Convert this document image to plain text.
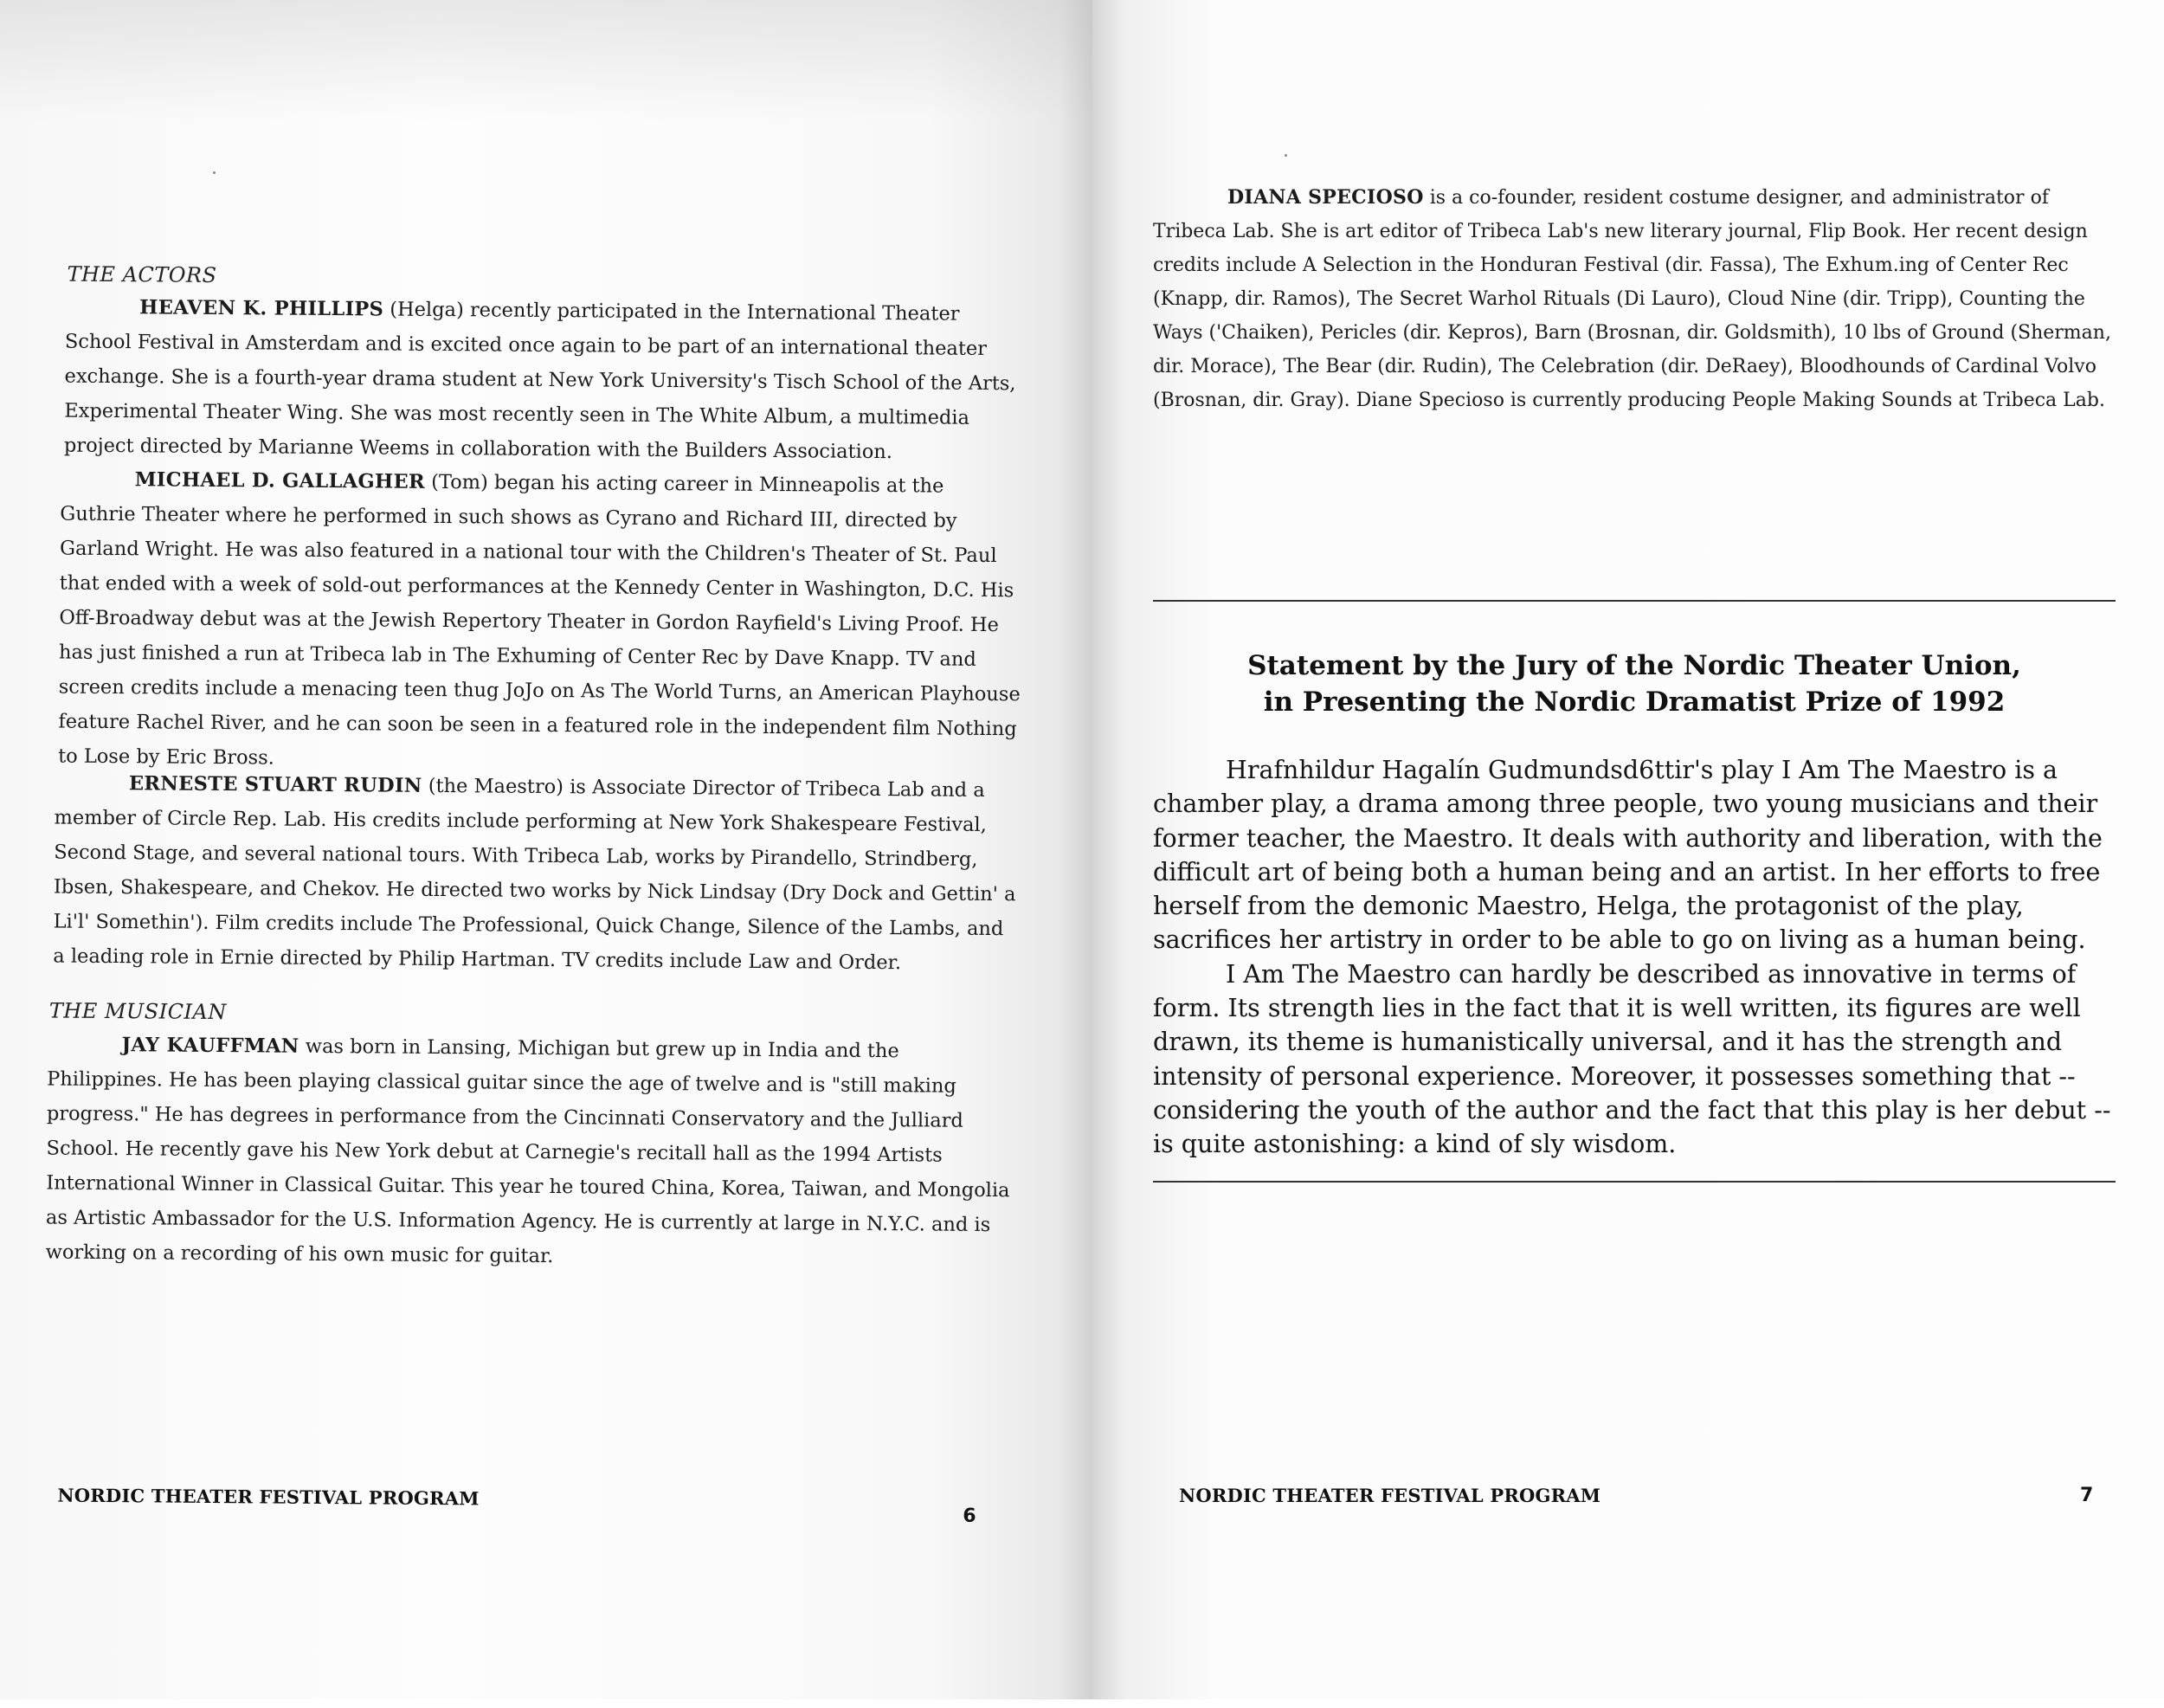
THE ACTORS
HEAVEN K. PHILLIPS (Helga) recently participated in the International Theater School Festival in Amsterdam and is excited once again to be part of an international theater exchange. She is a fourth-year drama student at New York University's Tisch School of the Arts, Experimental Theater Wing. She was most recently seen in The White Album, a multimedia project directed by Marianne Weems in collaboration with the Builders Association.
MICHAEL D. GALLAGHER (Tom) began his acting career in Minneapolis at the Guthrie Theater where he performed in such shows as Cyrano and Richard III, directed by Garland Wright. He was also featured in a national tour with the Children's Theater of St. Paul that ended with a week of sold-out performances at the Kennedy Center in Washington, D.C. His Off-Broadway debut was at the Jewish Repertory Theater in Gordon Rayfield's Living Proof. He has just finished a run at Tribeca lab in The Exhuming of Center Rec by Dave Knapp. TV and screen credits include a menacing teen thug JoJo on As The World Turns, an American Playhouse feature Rachel River, and he can soon be seen in a featured role in the independent film Nothing to Lose by Eric Bross.
ERNESTE STUART RUDIN (the Maestro) is Associate Director of Tribeca Lab and a member of Circle Rep. Lab. His credits include performing at New York Shakespeare Festival, Second Stage, and several national tours. With Tribeca Lab, works by Pirandello, Strindberg, Ibsen, Shakespeare, and Chekov. He directed two works by Nick Lindsay (Dry Dock and Gettin' a Li'l' Somethin'). Film credits include The Professional, Quick Change, Silence of the Lambs, and a leading role in Ernie directed by Philip Hartman. TV credits include Law and Order.
THE MUSICIAN
JAY KAUFFMAN was born in Lansing, Michigan but grew up in India and the Philippines. He has been playing classical guitar since the age of twelve and is "still making progress." He has degrees in performance from the Cincinnati Conservatory and the Julliard School. He recently gave his New York debut at Carnegie's recitall hall as the 1994 Artists International Winner in Classical Guitar. This year he toured China, Korea, Taiwan, and Mongolia as Artistic Ambassador for the U.S. Information Agency. He is currently at large in N.Y.C. and is working on a recording of his own music for guitar.
NORDIC THEATER FESTIVAL PROGRAM
6
DIANA SPECIOSO is a co-founder, resident costume designer, and administrator of Tribeca Lab. She is art editor of Tribeca Lab's new literary journal, Flip Book. Her recent design credits include A Selection in the Honduran Festival (dir. Fassa), The Exhum.ing of Center Rec (Knapp, dir. Ramos), The Secret Warhol Rituals (Di Lauro), Cloud Nine (dir. Tripp), Counting the Ways ('Chaiken), Pericles (dir. Kepros), Barn (Brosnan, dir. Goldsmith), 10 lbs of Ground (Sherman, dir. Morace), The Bear (dir. Rudin), The Celebration (dir. DeRaey), Bloodhounds of Cardinal Volvo (Brosnan, dir. Gray). Diane Specioso is currently producing People Making Sounds at Tribeca Lab.
Statement by the Jury of the Nordic Theater Union,
in Presenting the Nordic Dramatist Prize of 1992

Hrafnhildur Hagalín Gudmundsd6ttir's play I Am The Maestro is a chamber play, a drama among three people, two young musicians and their former teacher, the Maestro. It deals with authority and liberation, with the difficult art of being both a human being and an artist. In her efforts to free herself from the demonic Maestro, Helga, the protagonist of the play, sacrifices her artistry in order to be able to go on living as a human being.

I Am The Maestro can hardly be described as innovative in terms of form. Its strength lies in the fact that it is well written, its figures are well drawn, its theme is humanistically universal, and it has the strength and intensity of personal experience. Moreover, it possesses something that -- considering the youth of the author and the fact that this play is her debut -- is quite astonishing: a kind of sly wisdom.

NORDIC THEATER FESTIVAL PROGRAM	7
